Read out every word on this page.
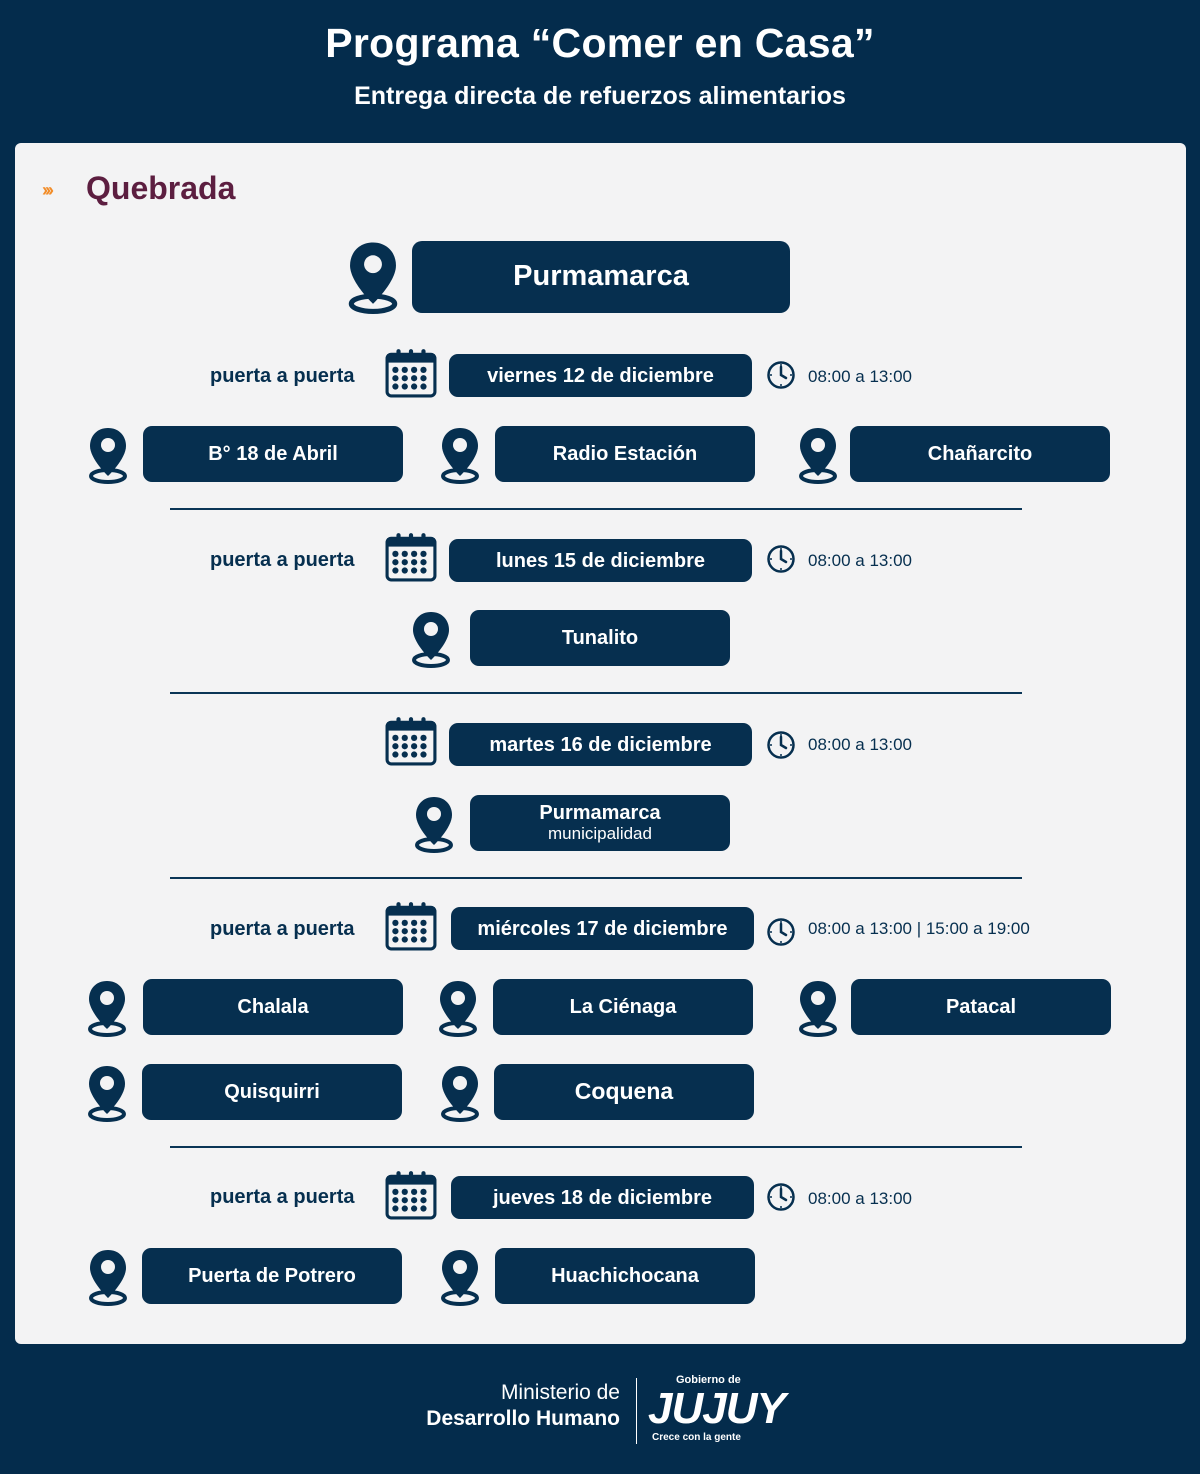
Programa “Comer en Casa”
Entrega directa de refuerzos alimentarios
››› Quebrada
Purmamarca
puerta a puerta	viernes 12 de diciembre	08:00 a 13:00
B° 18 de Abril	Radio Estación	Chañarcito
puerta a puerta	lunes 15 de diciembre	08:00 a 13:00
Tunalito
martes 16 de diciembre	08:00 a 13:00
Purmamarca
municipalidad
puerta a puerta	miércoles 17 de diciembre	08:00 a 13:00 | 15:00 a 19:00
Chalala	La Ciénaga	Patacal
Quisquirri	Coquena
puerta a puerta	jueves 18 de diciembre	08:00 a 13:00
Puerta de Potrero	Huachichocana
Ministerio de
Desarrollo Humano
Gobierno de
JUJUY
Crece con la gente
